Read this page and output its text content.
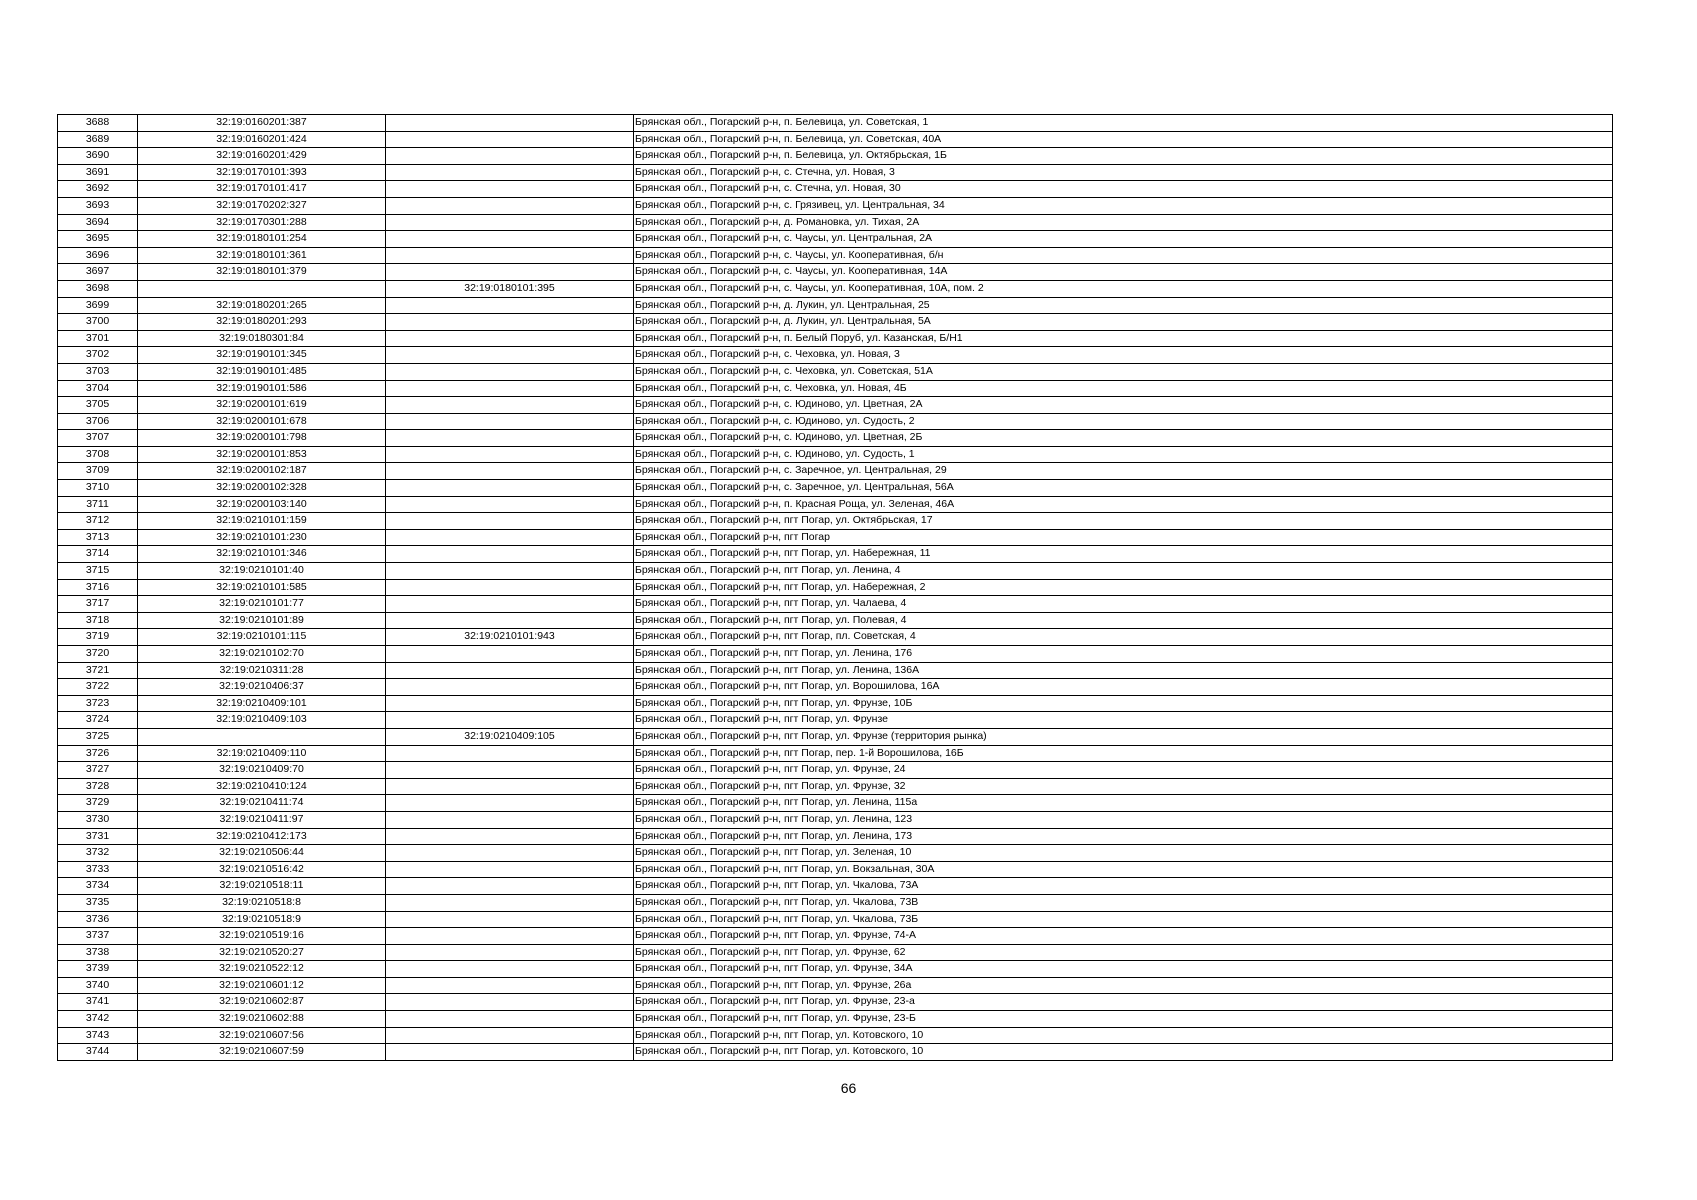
3688	32:19:0160201:387		Брянская обл., Погарский р-н, п. Белевица, ул. Советская, 1
3689	32:19:0160201:424		Брянская обл., Погарский р-н, п. Белевица, ул. Советская, 40А
3690	32:19:0160201:429		Брянская обл., Погарский р-н, п. Белевица, ул. Октябрьская, 1Б
3691	32:19:0170101:393		Брянская обл., Погарский р-н, с. Стечна, ул. Новая, 3
3692	32:19:0170101:417		Брянская обл., Погарский р-н, с. Стечна, ул. Новая, 30
3693	32:19:0170202:327		Брянская обл., Погарский р-н, с. Грязивец, ул. Центральная, 34
3694	32:19:0170301:288		Брянская обл., Погарский р-н, д. Романовка, ул. Тихая, 2А
3695	32:19:0180101:254		Брянская обл., Погарский р-н, с. Чаусы, ул. Центральная, 2А
3696	32:19:0180101:361		Брянская обл., Погарский р-н, с. Чаусы, ул. Кооперативная, б/н
3697	32:19:0180101:379		Брянская обл., Погарский р-н, с. Чаусы, ул. Кооперативная, 14А
3698		32:19:0180101:395	Брянская обл., Погарский р-н, с. Чаусы, ул. Кооперативная, 10А, пом. 2
3699	32:19:0180201:265		Брянская обл., Погарский р-н, д. Лукин, ул. Центральная, 25
3700	32:19:0180201:293		Брянская обл., Погарский р-н, д. Лукин, ул. Центральная, 5А
3701	32:19:0180301:84		Брянская обл., Погарский р-н, п. Белый Поруб, ул. Казанская, Б/Н1
3702	32:19:0190101:345		Брянская обл., Погарский р-н, с. Чеховка, ул. Новая, 3
3703	32:19:0190101:485		Брянская обл., Погарский р-н, с. Чеховка, ул. Советская, 51А
3704	32:19:0190101:586		Брянская обл., Погарский р-н, с. Чеховка, ул. Новая, 4Б
3705	32:19:0200101:619		Брянская обл., Погарский р-н, с. Юдиново, ул. Цветная, 2А
3706	32:19:0200101:678		Брянская обл., Погарский р-н, с. Юдиново, ул. Судость, 2
3707	32:19:0200101:798		Брянская обл., Погарский р-н, с. Юдиново, ул. Цветная, 2Б
3708	32:19:0200101:853		Брянская обл., Погарский р-н, с. Юдиново, ул. Судость, 1
3709	32:19:0200102:187		Брянская обл., Погарский р-н, с. Заречное, ул. Центральная, 29
3710	32:19:0200102:328		Брянская обл., Погарский р-н, с. Заречное, ул. Центральная, 56А
3711	32:19:0200103:140		Брянская обл., Погарский р-н, п. Красная Роща, ул. Зеленая, 46А
3712	32:19:0210101:159		Брянская обл., Погарский р-н, пгт Погар, ул. Октябрьская, 17
3713	32:19:0210101:230		Брянская обл., Погарский р-н, пгт Погар
3714	32:19:0210101:346		Брянская обл., Погарский р-н, пгт Погар, ул. Набережная, 11
3715	32:19:0210101:40		Брянская обл., Погарский р-н, пгт Погар, ул. Ленина, 4
3716	32:19:0210101:585		Брянская обл., Погарский р-н, пгт Погар, ул. Набережная, 2
3717	32:19:0210101:77		Брянская обл., Погарский р-н, пгт Погар, ул. Чалаева, 4
3718	32:19:0210101:89		Брянская обл., Погарский р-н, пгт Погар, ул. Полевая, 4
3719	32:19:0210101:115	32:19:0210101:943	Брянская обл., Погарский р-н, пгт Погар, пл. Советская, 4
3720	32:19:0210102:70		Брянская обл., Погарский р-н, пгт Погар, ул. Ленина, 176
3721	32:19:0210311:28		Брянская обл., Погарский р-н, пгт Погар, ул. Ленина, 136А
3722	32:19:0210406:37		Брянская обл., Погарский р-н, пгт Погар, ул. Ворошилова, 16А
3723	32:19:0210409:101		Брянская обл., Погарский р-н, пгт Погар, ул. Фрунзе, 10Б
3724	32:19:0210409:103		Брянская обл., Погарский р-н, пгт Погар, ул. Фрунзе
3725		32:19:0210409:105	Брянская обл., Погарский р-н, пгт Погар, ул. Фрунзе (территория рынка)
3726	32:19:0210409:110		Брянская обл., Погарский р-н, пгт Погар, пер. 1-й Ворошилова, 16Б
3727	32:19:0210409:70		Брянская обл., Погарский р-н, пгт Погар, ул. Фрунзе, 24
3728	32:19:0210410:124		Брянская обл., Погарский р-н, пгт Погар, ул. Фрунзе, 32
3729	32:19:0210411:74		Брянская обл., Погарский р-н, пгт Погар, ул. Ленина, 115а
3730	32:19:0210411:97		Брянская обл., Погарский р-н, пгт Погар, ул. Ленина, 123
3731	32:19:0210412:173		Брянская обл., Погарский р-н, пгт Погар, ул. Ленина, 173
3732	32:19:0210506:44		Брянская обл., Погарский р-н, пгт Погар, ул. Зеленая, 10
3733	32:19:0210516:42		Брянская обл., Погарский р-н, пгт Погар, ул. Вокзальная, 30А
3734	32:19:0210518:11		Брянская обл., Погарский р-н, пгт Погар, ул. Чкалова, 73А
3735	32:19:0210518:8		Брянская обл., Погарский р-н, пгт Погар, ул. Чкалова, 73В
3736	32:19:0210518:9		Брянская обл., Погарский р-н, пгт Погар, ул. Чкалова, 73Б
3737	32:19:0210519:16		Брянская обл., Погарский р-н, пгт Погар, ул. Фрунзе, 74-А
3738	32:19:0210520:27		Брянская обл., Погарский р-н, пгт Погар, ул. Фрунзе, 62
3739	32:19:0210522:12		Брянская обл., Погарский р-н, пгт Погар, ул. Фрунзе, 34А
3740	32:19:0210601:12		Брянская обл., Погарский р-н, пгт Погар, ул. Фрунзе, 26а
3741	32:19:0210602:87		Брянская обл., Погарский р-н, пгт Погар, ул. Фрунзе, 23-а
3742	32:19:0210602:88		Брянская обл., Погарский р-н, пгт Погар, ул. Фрунзе, 23-Б
3743	32:19:0210607:56		Брянская обл., Погарский р-н, пгт Погар, ул. Котовского, 10
3744	32:19:0210607:59		Брянская обл., Погарский р-н, пгт Погар, ул. Котовского, 10
66
